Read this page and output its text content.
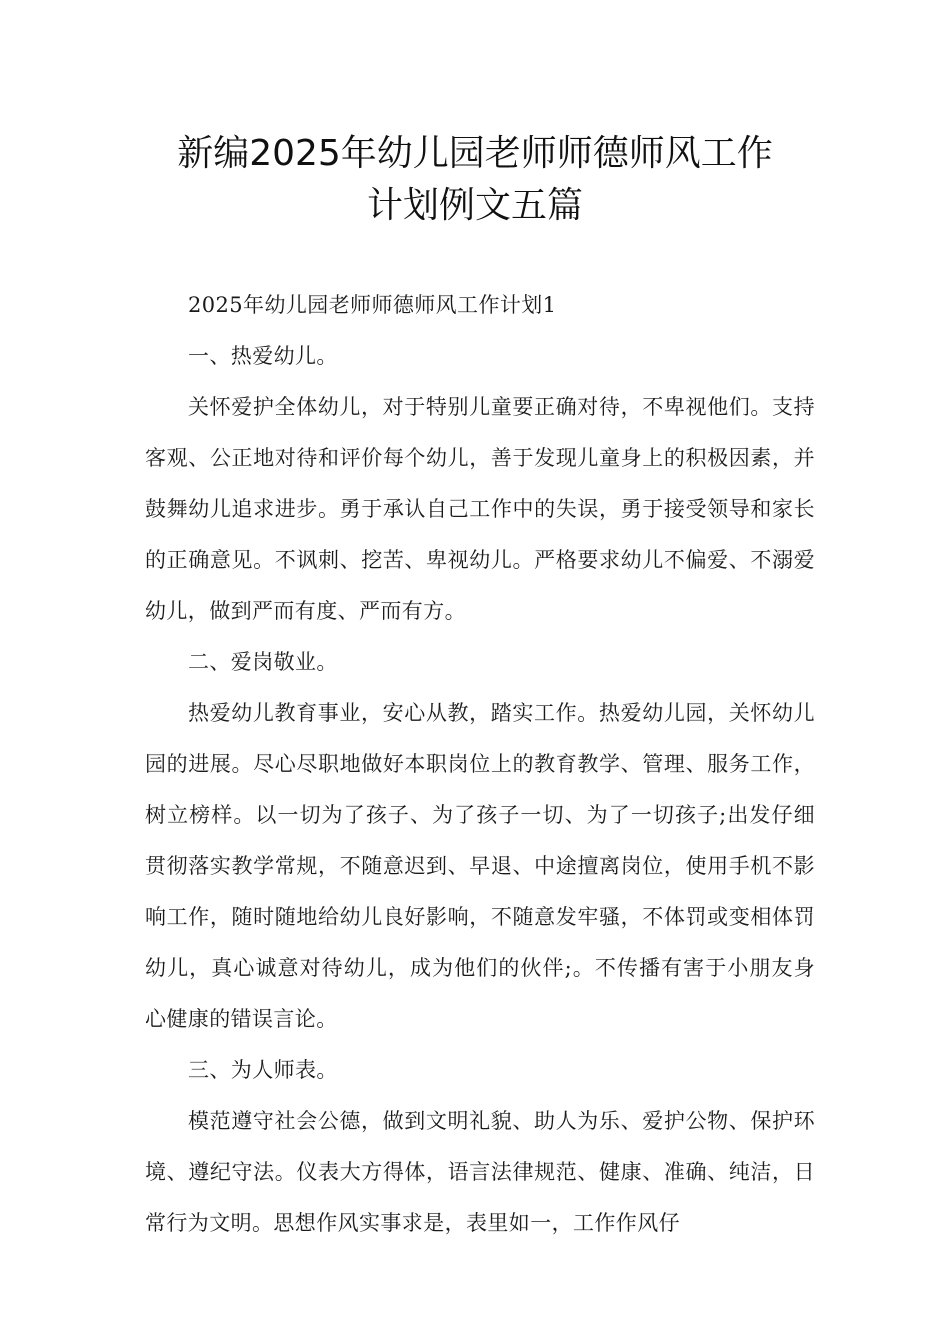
新编2025年幼儿园老师师德师风工作
计划例文五篇

2025年幼儿园老师师德师风工作计划1

一、热爱幼儿。

关怀爱护全体幼儿，对于特别儿童要正确对待，不卑视他们。支持客观、公正地对待和评价每个幼儿，善于发现儿童身上的积极因素，并鼓舞幼儿追求进步。勇于承认自己工作中的失误，勇于接受领导和家长的正确意见。不讽刺、挖苦、卑视幼儿。严格要求幼儿不偏爱、不溺爱幼儿，做到严而有度、严而有方。

二、爱岗敬业。

热爱幼儿教育事业，安心从教，踏实工作。热爱幼儿园，关怀幼儿园的进展。尽心尽职地做好本职岗位上的教育教学、管理、服务工作，树立榜样。以一切为了孩子、为了孩子一切、为了一切孩子;出发仔细贯彻落实教学常规，不随意迟到、早退、中途擅离岗位，使用手机不影响工作，随时随地给幼儿良好影响，不随意发牢骚，不体罚或变相体罚幼儿，真心诚意对待幼儿，成为他们的伙伴;。不传播有害于小朋友身心健康的错误言论。

三、为人师表。

模范遵守社会公德，做到文明礼貌、助人为乐、爱护公物、保护环境、遵纪守法。仪表大方得体，语言法律规范、健康、准确、纯洁，日常行为文明。思想作风实事求是，表里如一，工作作风仔
